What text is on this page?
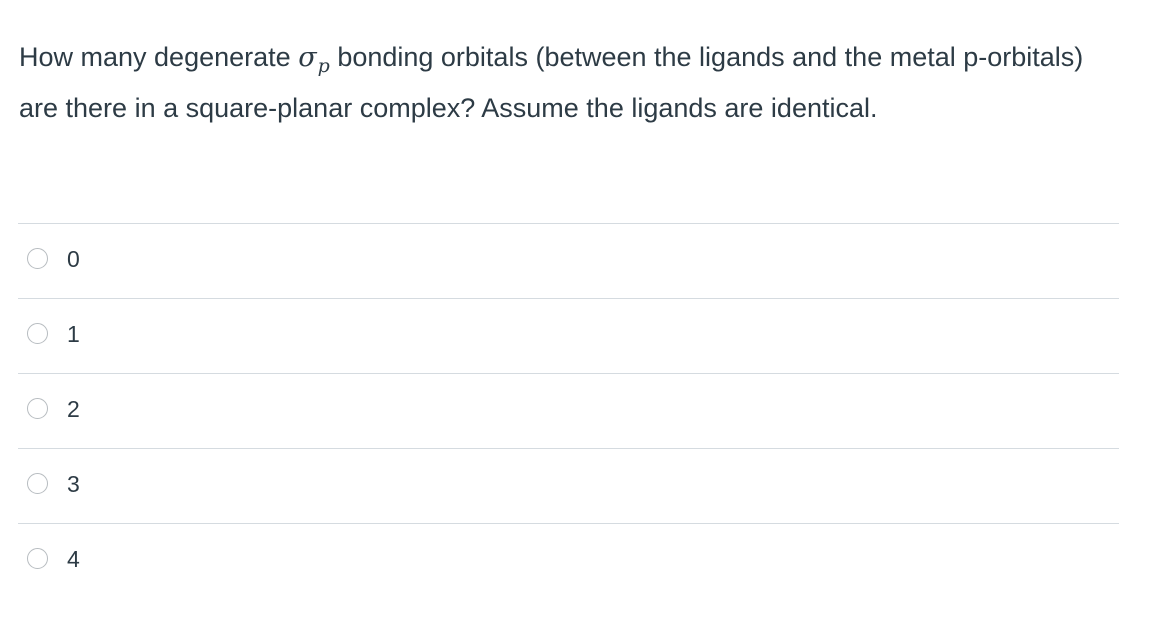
How many degenerate $\sigma_p$ bonding orbitals (between the ligands and the metal p-orbitals) are there in a square-planar complex? Assume the ligands are identical.
0
1
2
3
4
